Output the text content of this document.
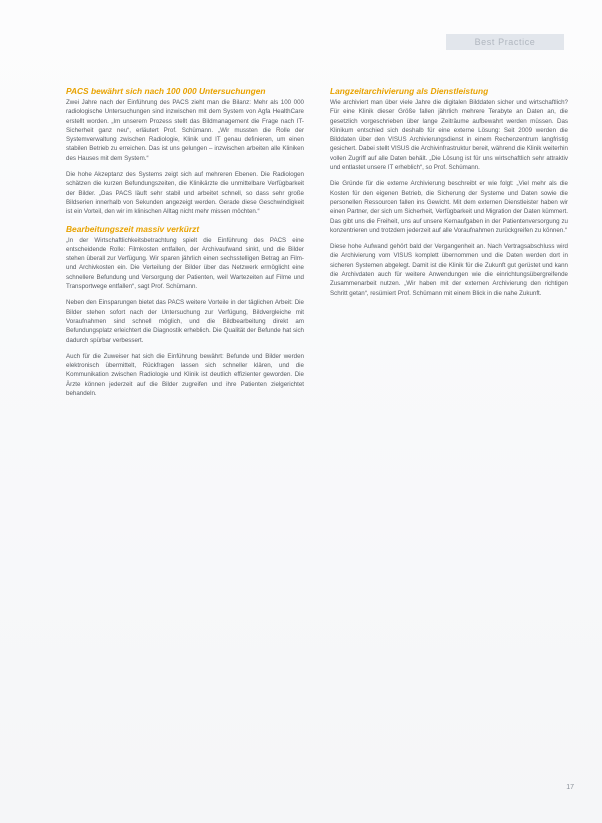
Best Practice
PACS bewährt sich nach 100 000 Untersuchungen

Zwei Jahre nach der Einführung des PACS zieht man die Bilanz: Mehr als 100 000 radiologische Untersuchungen sind inzwischen mit dem System von Agfa HealthCare erstellt worden. „Im unserem Prozess stellt das Bildmanagement die Frage nach IT-Sicherheit ganz neu“, erläutert Prof. Schümann. „Wir mussten die Rolle der Systemverwaltung zwischen Radiologie, Klinik und IT genau definieren, um einen stabilen Betrieb zu erreichen. Das ist uns gelungen – inzwischen arbeiten alle Kliniken des Hauses mit dem System.“

Die hohe Akzeptanz des Systems zeigt sich auf mehreren Ebenen. Die Radiologen schätzen die kurzen Befundungszeiten, die Klinikärzte die unmittelbare Verfügbarkeit der Bilder. „Das PACS läuft sehr stabil und arbeitet schnell, so dass sehr große Bildserien innerhalb von Sekunden angezeigt werden. Gerade diese Geschwindigkeit ist ein Vorteil, den wir im klinischen Alltag nicht mehr missen möchten.“

Bearbeitungszeit massiv verkürzt

„In der Wirtschaftlichkeitsbetrachtung spielt die Einführung des PACS eine entscheidende Rolle: Filmkosten entfallen, der Archivaufwand sinkt, und die Bilder stehen überall zur Verfügung. Wir sparen jährlich einen sechsstelligen Betrag an Film- und Archivkosten ein. Die Verteilung der Bilder über das Netzwerk ermöglicht eine schnellere Befundung und Versorgung der Patienten, weil Wartezeiten auf Filme und Transportwege entfallen“, sagt Prof. Schümann.

Neben den Einsparungen bietet das PACS weitere Vorteile in der täglichen Arbeit: Die Bilder stehen sofort nach der Untersuchung zur Verfügung, Bildvergleiche mit Voraufnahmen sind schnell möglich, und die Bildbearbeitung direkt am Befundungsplatz erleichtert die Diagnostik erheblich. Die Qualität der Befunde hat sich dadurch spürbar verbessert.

Auch für die Zuweiser hat sich die Einführung bewährt: Befunde und Bilder werden elektronisch übermittelt, Rückfragen lassen sich schneller klären, und die Kommunikation zwischen Radiologie und Klinik ist deutlich effizienter geworden. Die Ärzte können jederzeit auf die Bilder zugreifen und ihre Patienten zielgerichtet behandeln.

Langzeitarchivierung als Dienstleistung

Wie archiviert man über viele Jahre die digitalen Bilddaten sicher und wirtschaftlich? Für eine Klinik dieser Größe fallen jährlich mehrere Terabyte an Daten an, die gesetzlich vorgeschrieben über lange Zeiträume aufbewahrt werden müssen. Das Klinikum entschied sich deshalb für eine externe Lösung: Seit 2009 werden die Bilddaten über den VISUS Archivierungsdienst in einem Rechenzentrum langfristig gesichert. Dabei stellt VISUS die Archivinfrastruktur bereit, während die Klinik weiterhin vollen Zugriff auf alle Daten behält. „Die Lösung ist für uns wirtschaftlich sehr attraktiv und entlastet unsere IT erheblich“, so Prof. Schümann.

Die Gründe für die externe Archivierung beschreibt er wie folgt: „Viel mehr als die Kosten für den eigenen Betrieb, die Sicherung der Systeme und Daten sowie die personellen Ressourcen fallen ins Gewicht. Mit dem externen Dienstleister haben wir einen Partner, der sich um Sicherheit, Verfügbarkeit und Migration der Daten kümmert. Das gibt uns die Freiheit, uns auf unsere Kernaufgaben in der Patientenversorgung zu konzentrieren und trotzdem jederzeit auf alle Voraufnahmen zurückgreifen zu können.“

Diese hohe Aufwand gehört bald der Vergangenheit an. Nach Vertragsabschluss wird die Archivierung vom VISUS komplett übernommen und die Daten werden dort in sicheren Systemen abgelegt. Damit ist die Klinik für die Zukunft gut gerüstet und kann die Archivdaten auch für weitere Anwendungen wie die einrichtungsübergreifende Zusammenarbeit nutzen. „Wir haben mit der externen Archivierung den richtigen Schritt getan“, resümiert Prof. Schümann mit einem Blick in die nahe Zukunft.

17
